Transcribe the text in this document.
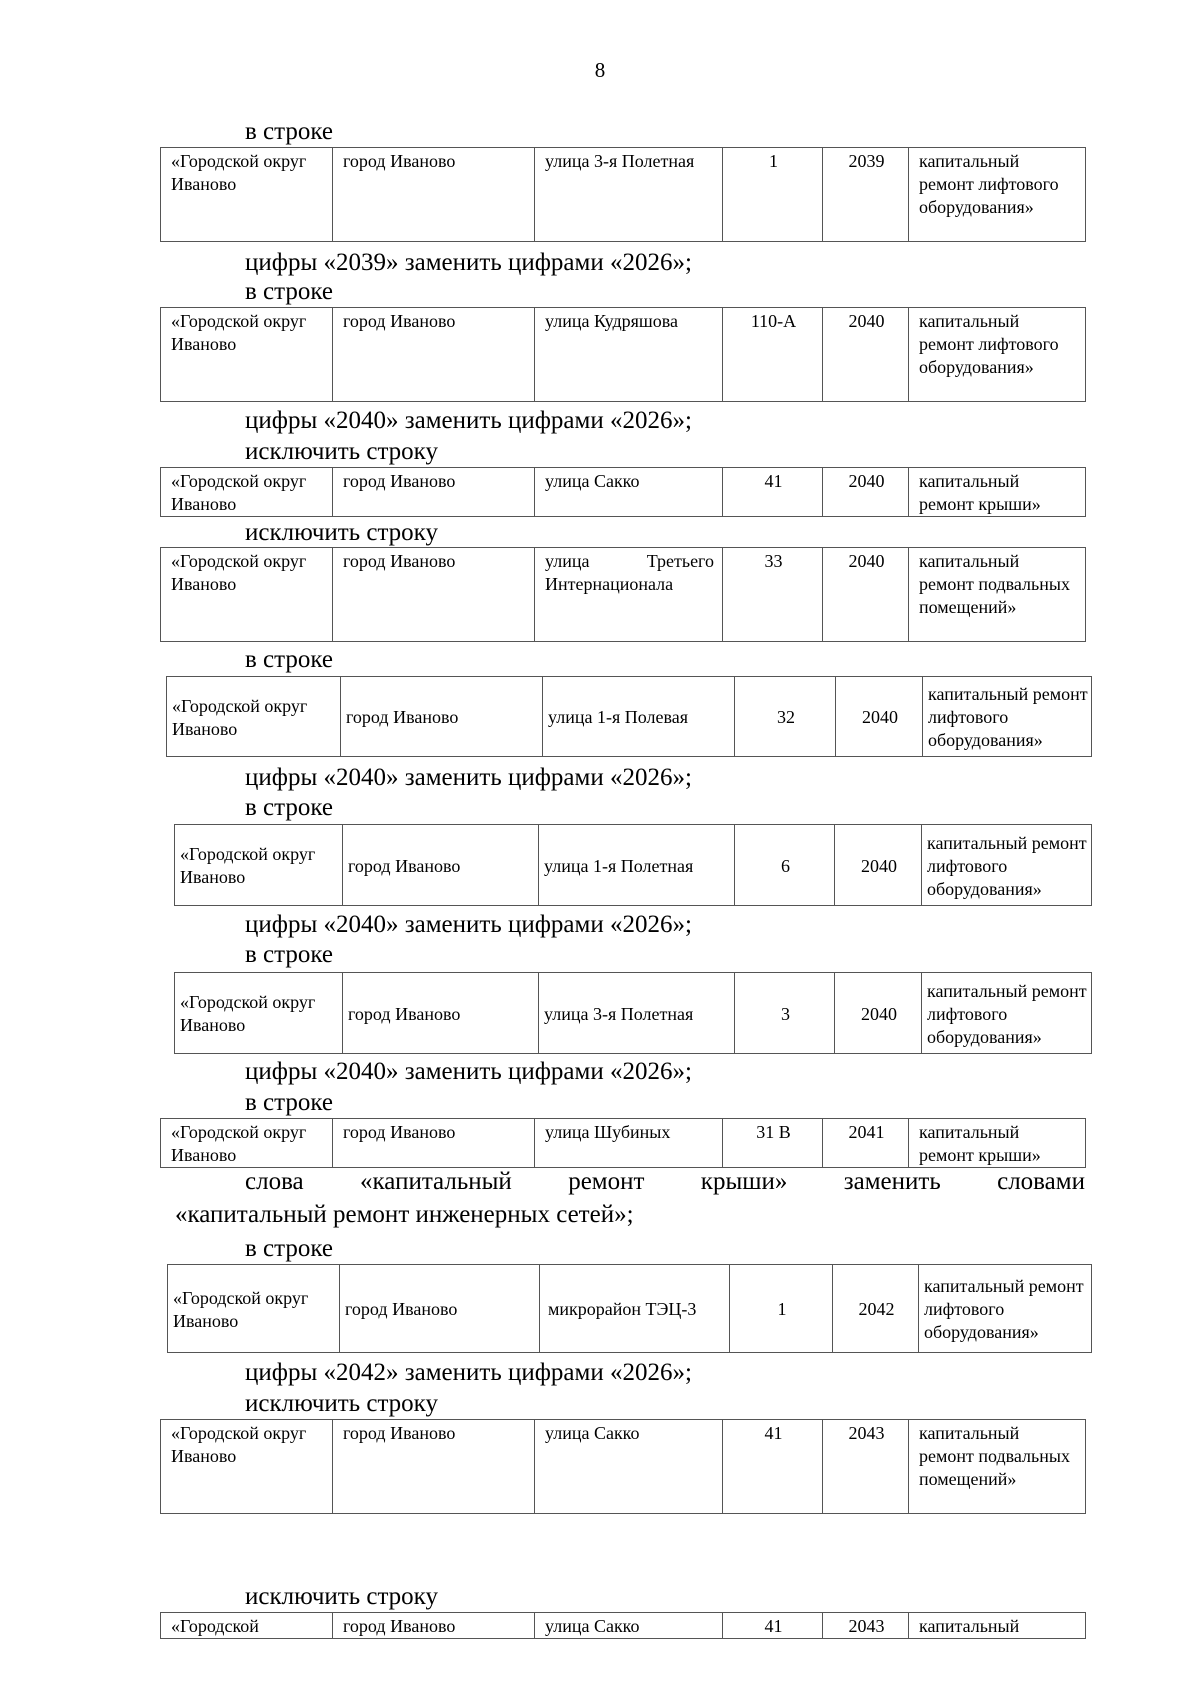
8
в строке
«Городской округ Иваново	город Иваново	улица 3-я Полетная	1	2039	капитальный ремонт лифтового оборудования»
цифры «2039» заменить цифрами «2026»;
в строке
«Городской округ Иваново	город Иваново	улица Кудряшова	110-А	2040	капитальный ремонт лифтового оборудования»
цифры «2040» заменить цифрами «2026»;
исключить строку
«Городской округ Иваново	город Иваново	улица Сакко	41	2040	капитальный ремонт крыши»
исключить строку
«Городской округ Иваново	город Иваново	улица Третьего Интернационала	33	2040	капитальный ремонт подвальных помещений»
в строке
«Городской округ Иваново	город Иваново	улица 1-я Полевая	32	2040	капитальный ремонт лифтового оборудования»
цифры «2040» заменить цифрами «2026»;
в строке
«Городской округ Иваново	город Иваново	улица 1-я Полетная	6	2040	капитальный ремонт лифтового оборудования»
цифры «2040» заменить цифрами «2026»;
в строке
«Городской округ Иваново	город Иваново	улица 3-я Полетная	3	2040	капитальный ремонт лифтового оборудования»
цифры «2040» заменить цифрами «2026»;
в строке
«Городской округ Иваново	город Иваново	улица Шубиных	31 В	2041	капитальный ремонт крыши»
слова «капитальный ремонт крыши» заменить словами
«капитальный ремонт инженерных сетей»;
в строке
«Городской округ Иваново	город Иваново	микрорайон ТЭЦ-3	1	2042	капитальный ремонт лифтового оборудования»
цифры «2042» заменить цифрами «2026»;
исключить строку
«Городской округ Иваново	город Иваново	улица Сакко	41	2043	капитальный ремонт подвальных помещений»
исключить строку
«Городской	город Иваново	улица Сакко	41	2043	капитальный
